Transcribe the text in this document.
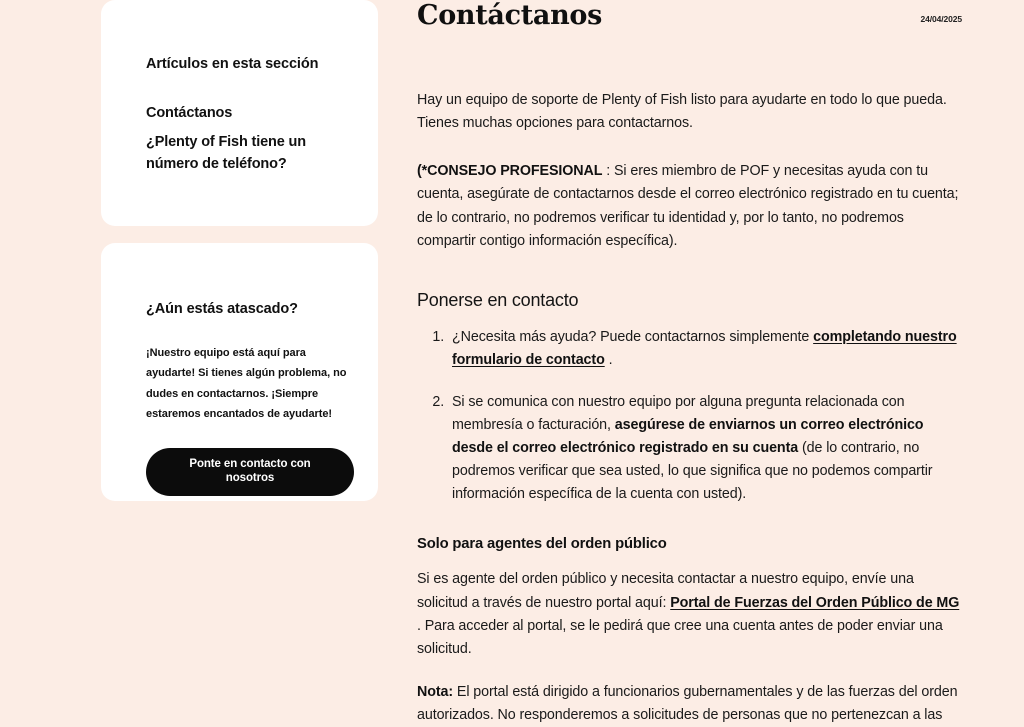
Artículos en esta sección
Contáctanos
¿Plenty of Fish tiene un número de teléfono?
¿Aún estás atascado?

¡Nuestro equipo está aquí para ayudarte! Si tienes algún problema, no dudes en contactarnos. ¡Siempre estaremos encantados de ayudarte!

Ponte en contacto con nosotros
Contáctanos	24/04/2025

Hay un equipo de soporte de Plenty of Fish listo para ayudarte en todo lo que pueda. Tienes muchas opciones para contactarnos.

(*CONSEJO PROFESIONAL : Si eres miembro de POF y necesitas ayuda con tu cuenta, asegúrate de contactarnos desde el correo electrónico registrado en tu cuenta; de lo contrario, no podremos verificar tu identidad y, por lo tanto, no podremos compartir contigo información específica).

Ponerse en contacto
1. ¿Necesita más ayuda? Puede contactarnos simplemente completando nuestro formulario de contacto .
2. Si se comunica con nuestro equipo por alguna pregunta relacionada con membresía o facturación, asegúrese de enviarnos un correo electrónico desde el correo electrónico registrado en su cuenta (de lo contrario, no podremos verificar que sea usted, lo que significa que no podemos compartir información específica de la cuenta con usted).
Solo para agentes del orden público

Si es agente del orden público y necesita contactar a nuestro equipo, envíe una solicitud a través de nuestro portal aquí: Portal de Fuerzas del Orden Público de MG . Para acceder al portal, se le pedirá que cree una cuenta antes de poder enviar una solicitud.

Nota: El portal está dirigido a funcionarios gubernamentales y de las fuerzas del orden autorizados. No responderemos a solicitudes de personas que no pertenezcan a las
